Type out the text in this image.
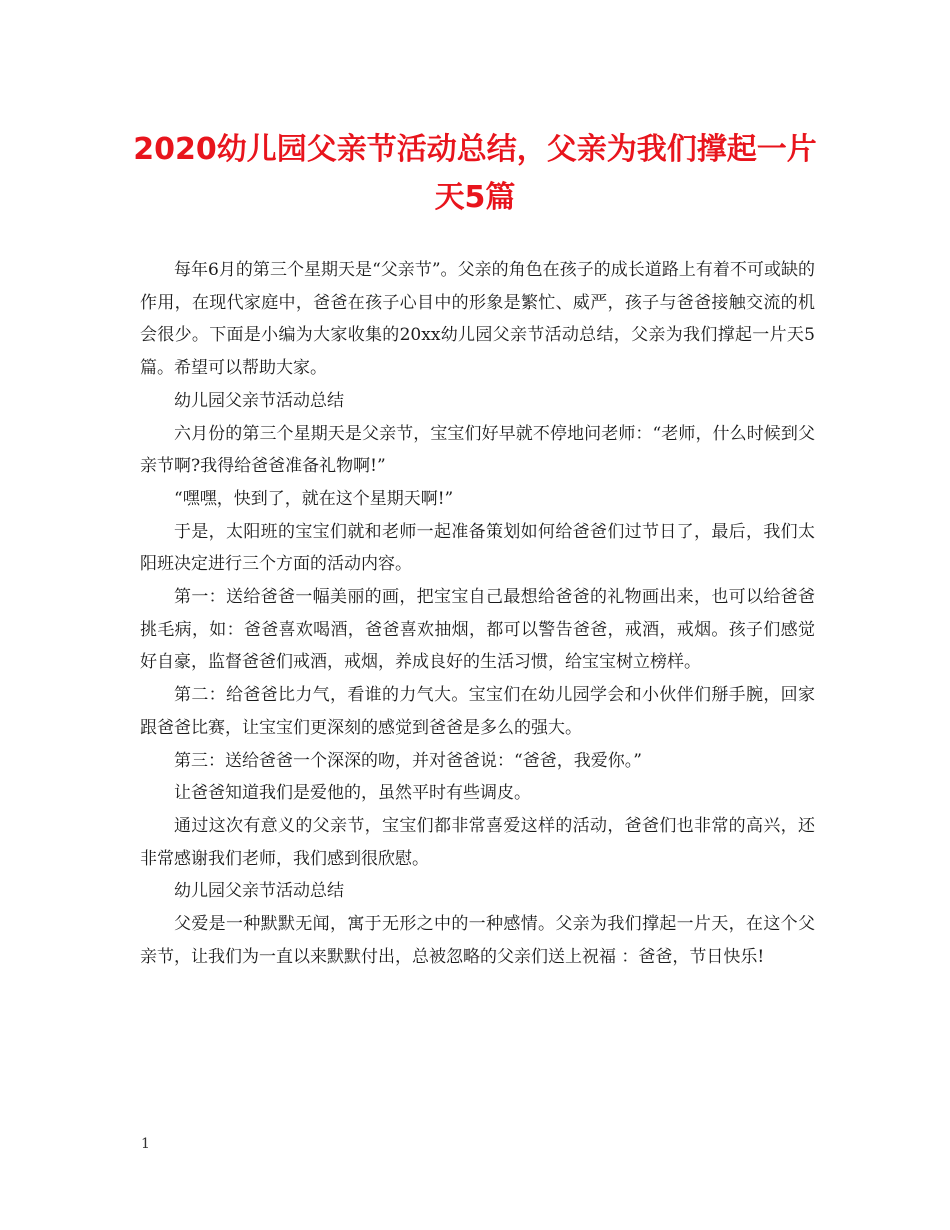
2020幼儿园父亲节活动总结，父亲为我们撑起一片天5篇

每年6月的第三个星期天是“父亲节”。父亲的角色在孩子的成长道路上有着不可或缺的作用，在现代家庭中，爸爸在孩子心目中的形象是繁忙、威严，孩子与爸爸接触交流的机会很少。下面是小编为大家收集的20xx幼儿园父亲节活动总结，父亲为我们撑起一片天5篇。希望可以帮助大家。

幼儿园父亲节活动总结

六月份的第三个星期天是父亲节，宝宝们好早就不停地问老师：“老师，什么时候到父亲节啊?我得给爸爸准备礼物啊!”

“嘿嘿，快到了，就在这个星期天啊!”

于是，太阳班的宝宝们就和老师一起准备策划如何给爸爸们过节日了，最后，我们太阳班决定进行三个方面的活动内容。

第一：送给爸爸一幅美丽的画，把宝宝自己最想给爸爸的礼物画出来，也可以给爸爸挑毛病，如：爸爸喜欢喝酒，爸爸喜欢抽烟，都可以警告爸爸，戒酒，戒烟。孩子们感觉好自豪，监督爸爸们戒酒，戒烟，养成良好的生活习惯，给宝宝树立榜样。

第二：给爸爸比力气，看谁的力气大。宝宝们在幼儿园学会和小伙伴们掰手腕，回家跟爸爸比赛，让宝宝们更深刻的感觉到爸爸是多么的强大。

第三：送给爸爸一个深深的吻，并对爸爸说：“爸爸，我爱你。”

让爸爸知道我们是爱他的，虽然平时有些调皮。

通过这次有意义的父亲节，宝宝们都非常喜爱这样的活动，爸爸们也非常的高兴，还非常感谢我们老师，我们感到很欣慰。

幼儿园父亲节活动总结

父爱是一种默默无闻，寓于无形之中的一种感情。父亲为我们撑起一片天，在这个父亲节，让我们为一直以来默默付出，总被忽略的父亲们送上祝福 ：爸爸，节日快乐!

1
